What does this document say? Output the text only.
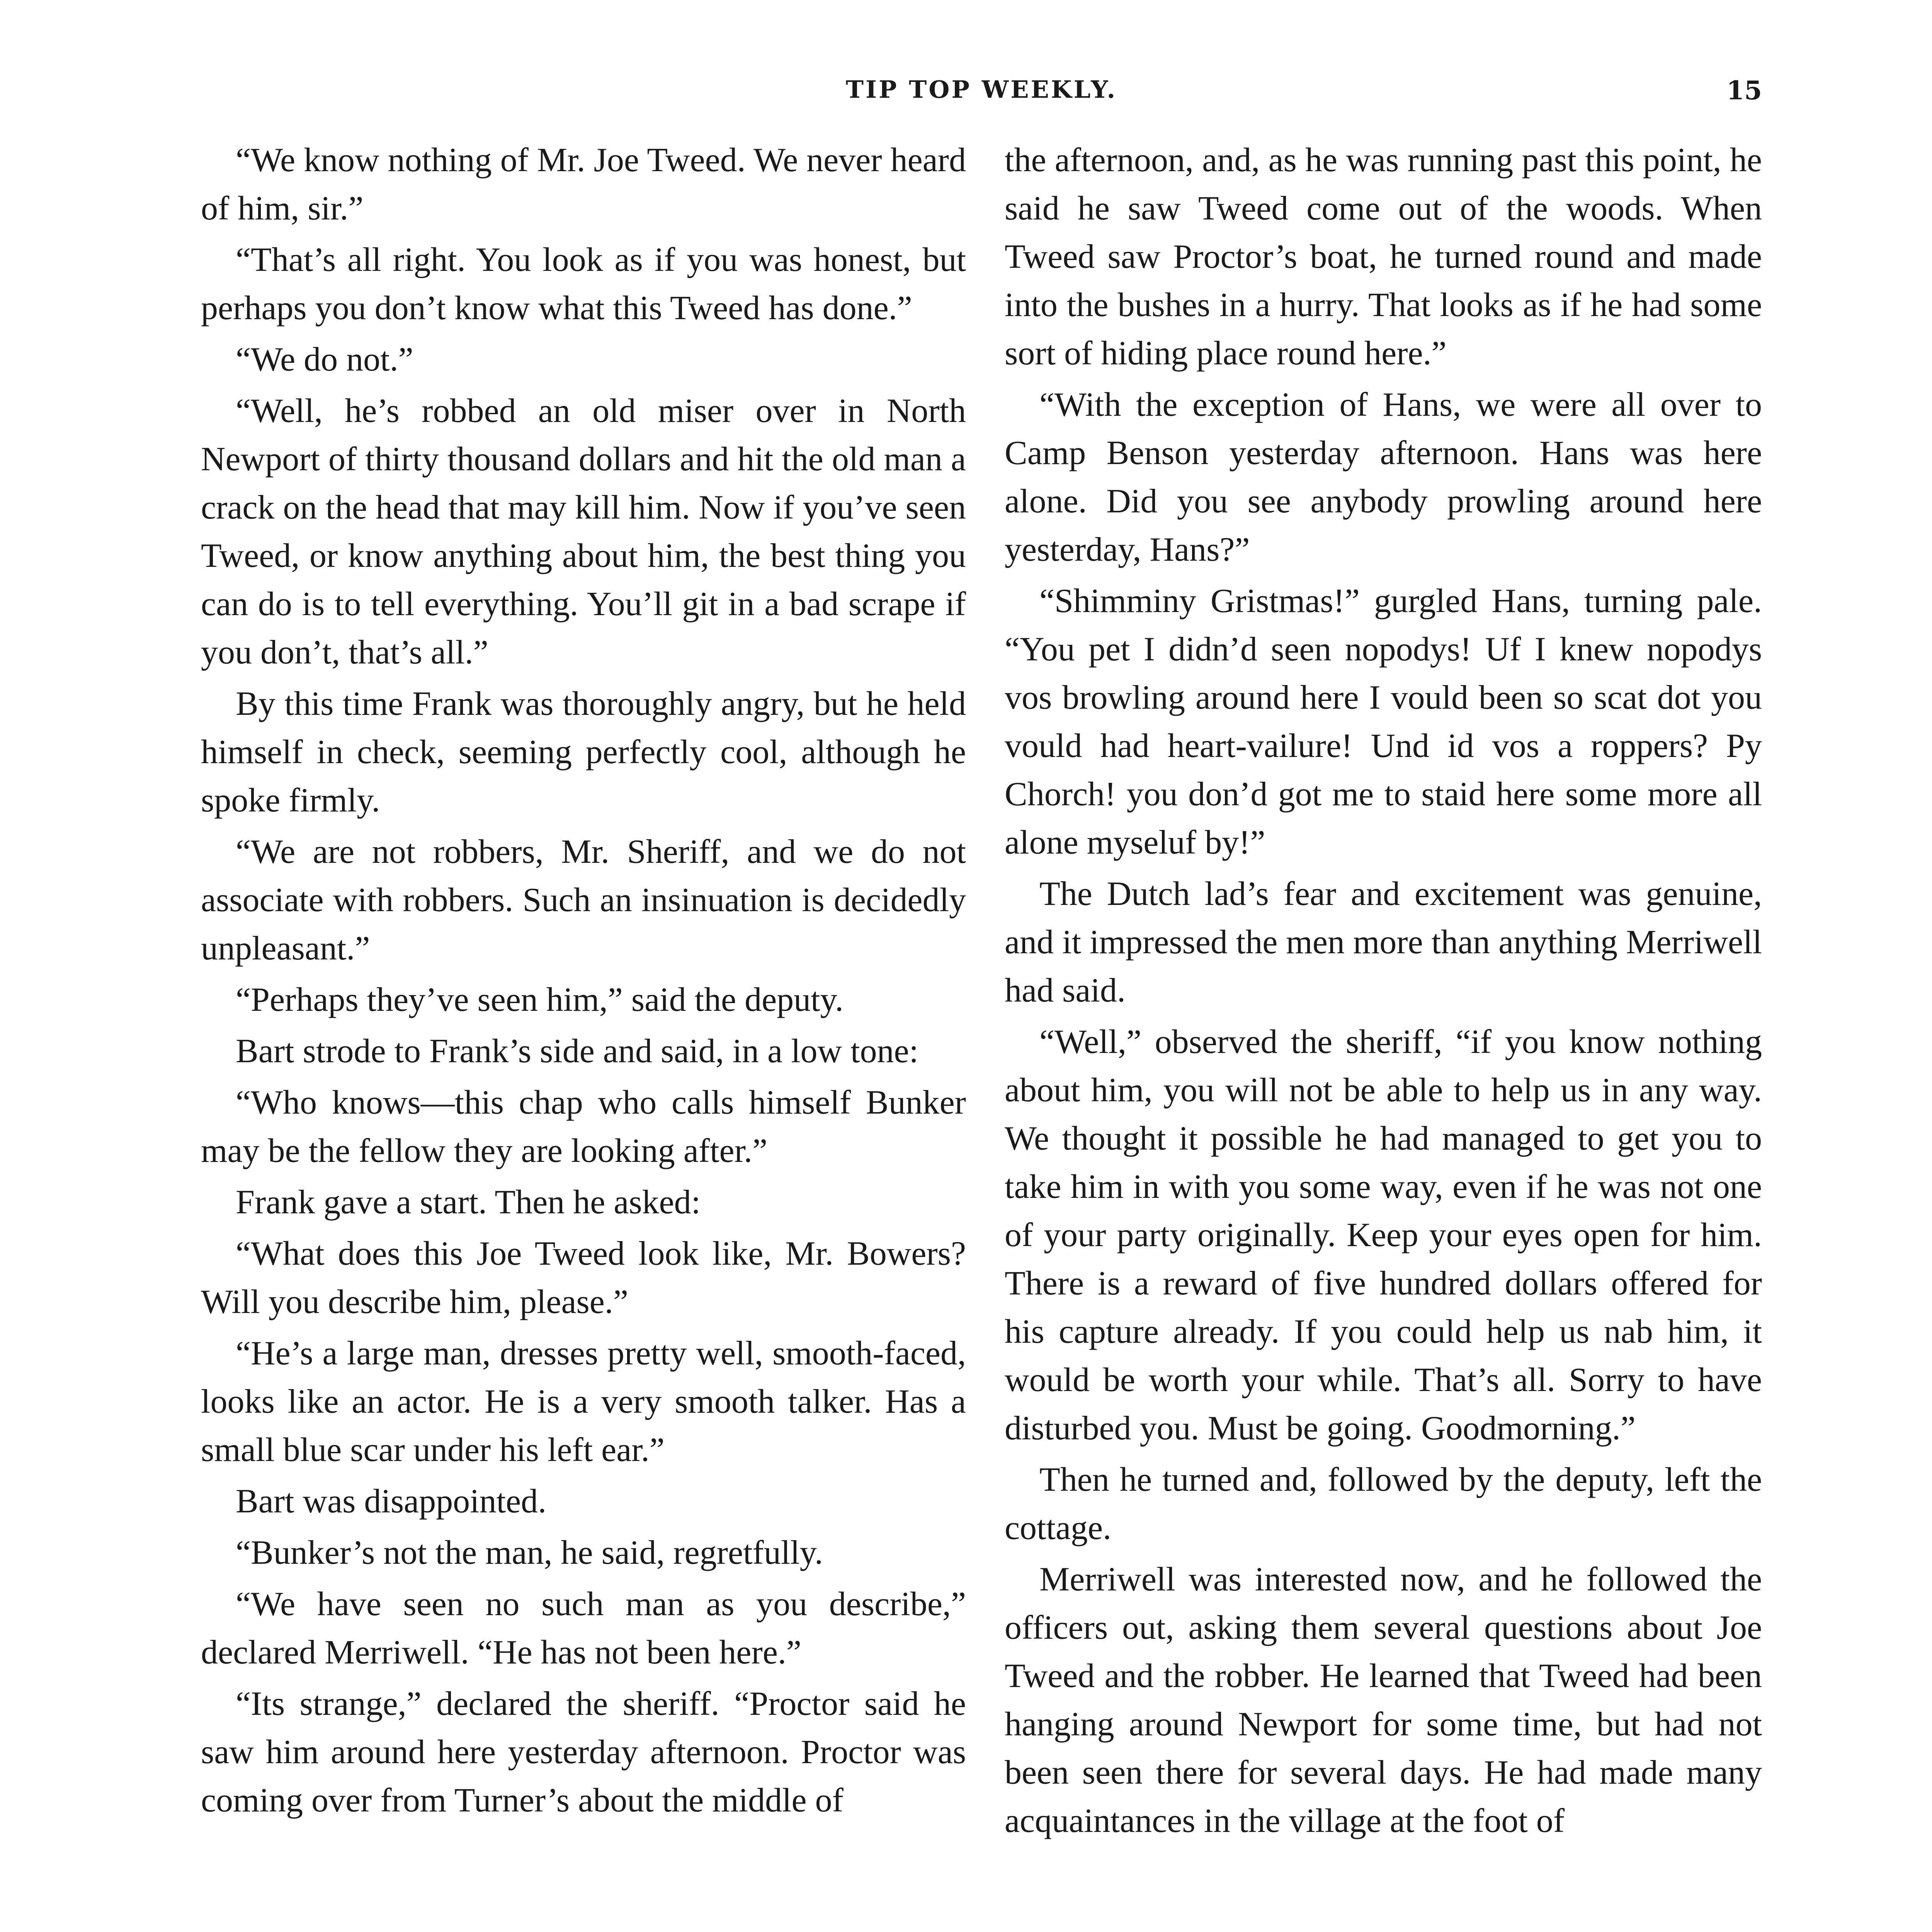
TIP TOP WEEKLY.	15

“We know nothing of Mr. Joe Tweed. We never heard of him, sir.”

“That’s all right. You look as if you was honest, but perhaps you don’t know what this Tweed has done.”

“We do not.”

“Well, he’s robbed an old miser over in North Newport of thirty thousand dollars and hit the old man a crack on the head that may kill him. Now if you’ve seen Tweed, or know anything about him, the best thing you can do is to tell everything. You’ll git in a bad scrape if you don’t, that’s all.”

By this time Frank was thoroughly angry, but he held himself in check, seeming perfectly cool, although he spoke firmly.

“We are not robbers, Mr. Sheriff, and we do not associate with robbers. Such an insinuation is decidedly unpleasant.”

“Perhaps they’ve seen him,” said the deputy.

Bart strode to Frank’s side and said, in a low tone:

“Who knows—this chap who calls himself Bunker may be the fellow they are looking after.”

Frank gave a start. Then he asked:

“What does this Joe Tweed look like, Mr. Bowers? Will you describe him, please.”

“He’s a large man, dresses pretty well, smooth-faced, looks like an actor. He is a very smooth talker. Has a small blue scar under his left ear.”

Bart was disappointed.

“Bunker’s not the man, he said, regretfully.

“We have seen no such man as you describe,” declared Merriwell. “He has not been here.”

“Its strange,” declared the sheriff. “Proctor said he saw him around here yesterday afternoon. Proctor was coming over from Turner’s about the middle of

the afternoon, and, as he was running past this point, he said he saw Tweed come out of the woods. When Tweed saw Proctor’s boat, he turned round and made into the bushes in a hurry. That looks as if he had some sort of hiding place round here.”

“With the exception of Hans, we were all over to Camp Benson yesterday afternoon. Hans was here alone. Did you see anybody prowling around here yesterday, Hans?”

“Shimminy Gristmas!” gurgled Hans, turning pale. “You pet I didn’d seen nopodys! Uf I knew nopodys vos browling around here I vould been so scat dot you vould had heart-vailure! Und id vos a roppers? Py Chorch! you don’d got me to staid here some more all alone myseluf by!”

The Dutch lad’s fear and excitement was genuine, and it impressed the men more than anything Merriwell had said.

“Well,” observed the sheriff, “if you know nothing about him, you will not be able to help us in any way. We thought it possible he had managed to get you to take him in with you some way, even if he was not one of your party originally. Keep your eyes open for him. There is a reward of five hundred dollars offered for his capture already. If you could help us nab him, it would be worth your while. That’s all. Sorry to have disturbed you. Must be going. Goodmorning.”

Then he turned and, followed by the deputy, left the cottage.

Merriwell was interested now, and he followed the officers out, asking them several questions about Joe Tweed and the robber. He learned that Tweed had been hanging around Newport for some time, but had not been seen there for several days. He had made many acquaintances in the village at the foot of
